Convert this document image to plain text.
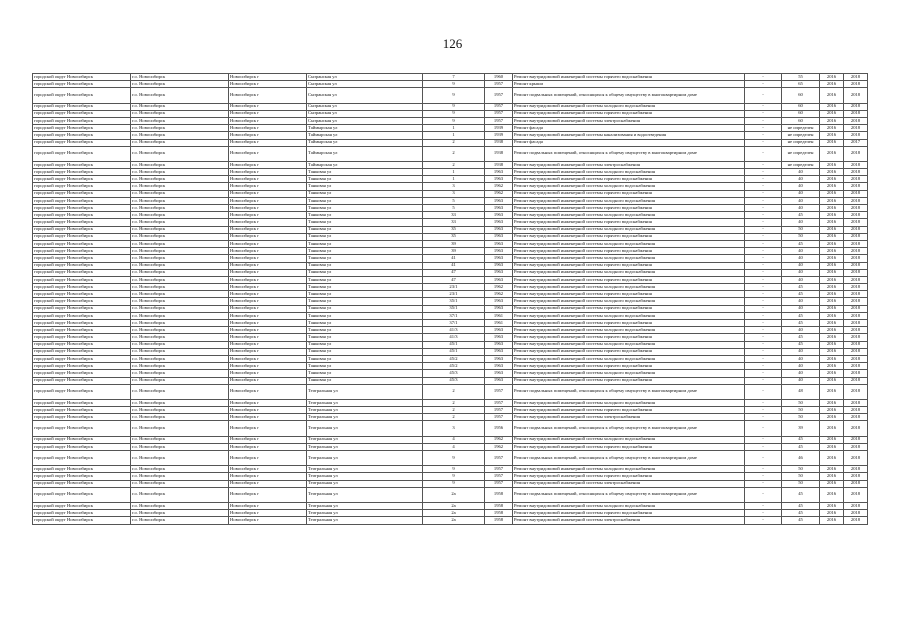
126
городской округ Новосибирск	г.о. Новосибирск	Новосибирск г	Сызранская ул	7	1960	Ремонт внутридомовой инженерной системы горячего водоснабжения	-	55	2016	2018
городской округ Новосибирск	г.о. Новосибирск	Новосибирск г	Сызранская ул	9	1957	Ремонт крыши	-	65	2016	2018
городской округ Новосибирск	г.о. Новосибирск	Новосибирск г	Сызранская ул	9	1957	Ремонт подвальных помещений, относящихся к общему имуществу в многоквартирном доме	-	60	2016	2018
городской округ Новосибирск	г.о. Новосибирск	Новосибирск г	Сызранская ул	9	1957	Ремонт внутридомовой инженерной системы холодного водоснабжения	-	60	2016	2018
городской округ Новосибирск	г.о. Новосибирск	Новосибирск г	Сызранская ул	9	1957	Ремонт внутридомовой инженерной системы горячего водоснабжения	-	60	2016	2018
городской округ Новосибирск	г.о. Новосибирск	Новосибирск г	Сызранская ул	9	1957	Ремонт внутридомовой инженерной системы электроснабжения	-	60	2016	2018
городской округ Новосибирск	г.о. Новосибирск	Новосибирск г	Таймырская ул	1	1939	Ремонт фасада	-	не определен	2016	2018
городской округ Новосибирск	г.о. Новосибирск	Новосибирск г	Таймырская ул	1	1939	Ремонт внутридомовой инженерной системы канализования и водоотведения	-	не определен	2016	2018
городской округ Новосибирск	г.о. Новосибирск	Новосибирск г	Таймырская ул	2	1938	Ремонт фасада	-	не определен	2016	2017
городской округ Новосибирск	г.о. Новосибирск	Новосибирск г	Таймырская ул	2	1938	Ремонт подвальных помещений, относящихся к общему имуществу в многоквартирном доме	-	не определен	2016	2018
городской округ Новосибирск	г.о. Новосибирск	Новосибирск г	Таймырская ул	2	1938	Ремонт внутридомовой инженерной системы электроснабжения	-	не определен	2016	2018
городской округ Новосибирск	г.о. Новосибирск	Новосибирск г	Танковая ул	1	1963	Ремонт внутридомовой инженерной системы холодного водоснабжения	-	40	2016	2018
городской округ Новосибирск	г.о. Новосибирск	Новосибирск г	Танковая ул	1	1963	Ремонт внутридомовой инженерной системы горячего водоснабжения	-	40	2016	2018
городской округ Новосибирск	г.о. Новосибирск	Новосибирск г	Танковая ул	3	1962	Ремонт внутридомовой инженерной системы холодного водоснабжения	-	40	2016	2018
городской округ Новосибирск	г.о. Новосибирск	Новосибирск г	Танковая ул	3	1962	Ремонт внутридомовой инженерной системы горячего водоснабжения	-	40	2016	2018
городской округ Новосибирск	г.о. Новосибирск	Новосибирск г	Танковая ул	5	1963	Ремонт внутридомовой инженерной системы холодного водоснабжения	-	40	2016	2018
городской округ Новосибирск	г.о. Новосибирск	Новосибирск г	Танковая ул	5	1963	Ремонт внутридомовой инженерной системы горячего водоснабжения	-	40	2016	2018
городской округ Новосибирск	г.о. Новосибирск	Новосибирск г	Танковая ул	33	1963	Ремонт внутридомовой инженерной системы холодного водоснабжения	-	45	2016	2018
городской округ Новосибирск	г.о. Новосибирск	Новосибирск г	Танковая ул	33	1963	Ремонт внутридомовой инженерной системы горячего водоснабжения	-	40	2016	2018
городской округ Новосибирск	г.о. Новосибирск	Новосибирск г	Танковая ул	35	1963	Ремонт внутридомовой инженерной системы холодного водоснабжения	-	50	2016	2018
городской округ Новосибирск	г.о. Новосибирск	Новосибирск г	Танковая ул	35	1963	Ремонт внутридомовой инженерной системы горячего водоснабжения	-	50	2016	2018
городской округ Новосибирск	г.о. Новосибирск	Новосибирск г	Танковая ул	39	1963	Ремонт внутридомовой инженерной системы холодного водоснабжения	-	45	2016	2018
городской округ Новосибирск	г.о. Новосибирск	Новосибирск г	Танковая ул	39	1963	Ремонт внутридомовой инженерной системы горячего водоснабжения	-	40	2016	2018
городской округ Новосибирск	г.о. Новосибирск	Новосибирск г	Танковая ул	41	1963	Ремонт внутридомовой инженерной системы холодного водоснабжения	-	40	2016	2018
городской округ Новосибирск	г.о. Новосибирск	Новосибирск г	Танковая ул	41	1963	Ремонт внутридомовой инженерной системы горячего водоснабжения	-	40	2016	2018
городской округ Новосибирск	г.о. Новосибирск	Новосибирск г	Танковая ул	47	1963	Ремонт внутридомовой инженерной системы холодного водоснабжения	-	40	2016	2018
городской округ Новосибирск	г.о. Новосибирск	Новосибирск г	Танковая ул	47	1963	Ремонт внутридомовой инженерной системы горячего водоснабжения	-	40	2016	2018
городской округ Новосибирск	г.о. Новосибирск	Новосибирск г	Танковая ул	23/1	1962	Ремонт внутридомовой инженерной системы холодного водоснабжения	-	45	2016	2018
городской округ Новосибирск	г.о. Новосибирск	Новосибирск г	Танковая ул	23/1	1962	Ремонт внутридомовой инженерной системы горячего водоснабжения	-	45	2016	2018
городской округ Новосибирск	г.о. Новосибирск	Новосибирск г	Танковая ул	35/1	1963	Ремонт внутридомовой инженерной системы холодного водоснабжения	-	40	2016	2018
городской округ Новосибирск	г.о. Новосибирск	Новосибирск г	Танковая ул	35/1	1963	Ремонт внутридомовой инженерной системы горячего водоснабжения	-	40	2016	2018
городской округ Новосибирск	г.о. Новосибирск	Новосибирск г	Танковая ул	37/1	1961	Ремонт внутридомовой инженерной системы холодного водоснабжения	-	45	2016	2018
городской округ Новосибирск	г.о. Новосибирск	Новосибирск г	Танковая ул	37/1	1961	Ремонт внутридомовой инженерной системы горячего водоснабжения	-	45	2016	2018
городской округ Новосибирск	г.о. Новосибирск	Новосибирск г	Танковая ул	41/3	1963	Ремонт внутридомовой инженерной системы холодного водоснабжения	-	40	2016	2018
городской округ Новосибирск	г.о. Новосибирск	Новосибирск г	Танковая ул	41/3	1963	Ремонт внутридомовой инженерной системы горячего водоснабжения	-	45	2016	2018
городской округ Новосибирск	г.о. Новосибирск	Новосибирск г	Танковая ул	45/1	1963	Ремонт внутридомовой инженерной системы холодного водоснабжения	-	45	2016	2018
городской округ Новосибирск	г.о. Новосибирск	Новосибирск г	Танковая ул	45/1	1963	Ремонт внутридомовой инженерной системы горячего водоснабжения	-	40	2016	2018
городской округ Новосибирск	г.о. Новосибирск	Новосибирск г	Танковая ул	45/2	1963	Ремонт внутридомовой инженерной системы холодного водоснабжения	-	40	2016	2018
городской округ Новосибирск	г.о. Новосибирск	Новосибирск г	Танковая ул	45/2	1963	Ремонт внутридомовой инженерной системы горячего водоснабжения	-	40	2016	2018
городской округ Новосибирск	г.о. Новосибирск	Новосибирск г	Танковая ул	45/3	1963	Ремонт внутридомовой инженерной системы холодного водоснабжения	-	40	2016	2018
городской округ Новосибирск	г.о. Новосибирск	Новосибирск г	Танковая ул	45/3	1963	Ремонт внутридомовой инженерной системы горячего водоснабжения	-	40	2016	2018
городской округ Новосибирск	г.о. Новосибирск	Новосибирск г	Театральная ул	2	1957	Ремонт подвальных помещений, относящихся к общему имуществу в многоквартирном доме	-	48	2016	2018
городской округ Новосибирск	г.о. Новосибирск	Новосибирск г	Театральная ул	2	1957	Ремонт внутридомовой инженерной системы холодного водоснабжения	-	50	2016	2018
городской округ Новосибирск	г.о. Новосибирск	Новосибирск г	Театральная ул	2	1957	Ремонт внутридомовой инженерной системы горячего водоснабжения	-	50	2016	2018
городской округ Новосибирск	г.о. Новосибирск	Новосибирск г	Театральная ул	2	1957	Ремонт внутридомовой инженерной системы электроснабжения	-	50	2016	2018
городской округ Новосибирск	г.о. Новосибирск	Новосибирск г	Театральная ул	3	1956	Ремонт подвальных помещений, относящихся к общему имуществу в многоквартирном доме	-	39	2016	2018
городской округ Новосибирск	г.о. Новосибирск	Новосибирск г	Театральная ул	4	1962	Ремонт внутридомовой инженерной системы холодного водоснабжения	-	45	2016	2018
городской округ Новосибирск	г.о. Новосибирск	Новосибирск г	Театральная ул	4	1962	Ремонт внутридомовой инженерной системы горячего водоснабжения	-	45	2016	2018
городской округ Новосибирск	г.о. Новосибирск	Новосибирск г	Театральная ул	9	1957	Ремонт подвальных помещений, относящихся к общему имуществу в многоквартирном доме	-	46	2016	2018
городской округ Новосибирск	г.о. Новосибирск	Новосибирск г	Театральная ул	9	1957	Ремонт внутридомовой инженерной системы холодного водоснабжения	-	50	2016	2018
городской округ Новосибирск	г.о. Новосибирск	Новосибирск г	Театральная ул	9	1957	Ремонт внутридомовой инженерной системы горячего водоснабжения	-	50	2016	2018
городской округ Новосибирск	г.о. Новосибирск	Новосибирск г	Театральная ул	9	1957	Ремонт внутридомовой инженерной системы электроснабжения	-	50	2016	2018
городской округ Новосибирск	г.о. Новосибирск	Новосибирск г	Театральная ул	2а	1958	Ремонт подвальных помещений, относящихся к общему имуществу в многоквартирном доме	-	45	2016	2018
городской округ Новосибирск	г.о. Новосибирск	Новосибирск г	Театральная ул	2а	1958	Ремонт внутридомовой инженерной системы холодного водоснабжения	-	45	2016	2018
городской округ Новосибирск	г.о. Новосибирск	Новосибирск г	Театральная ул	2а	1958	Ремонт внутридомовой инженерной системы горячего водоснабжения	-	45	2016	2018
городской округ Новосибирск	г.о. Новосибирск	Новосибирск г	Театральная ул	2а	1958	Ремонт внутридомовой инженерной системы электроснабжения	-	45	2016	2018
